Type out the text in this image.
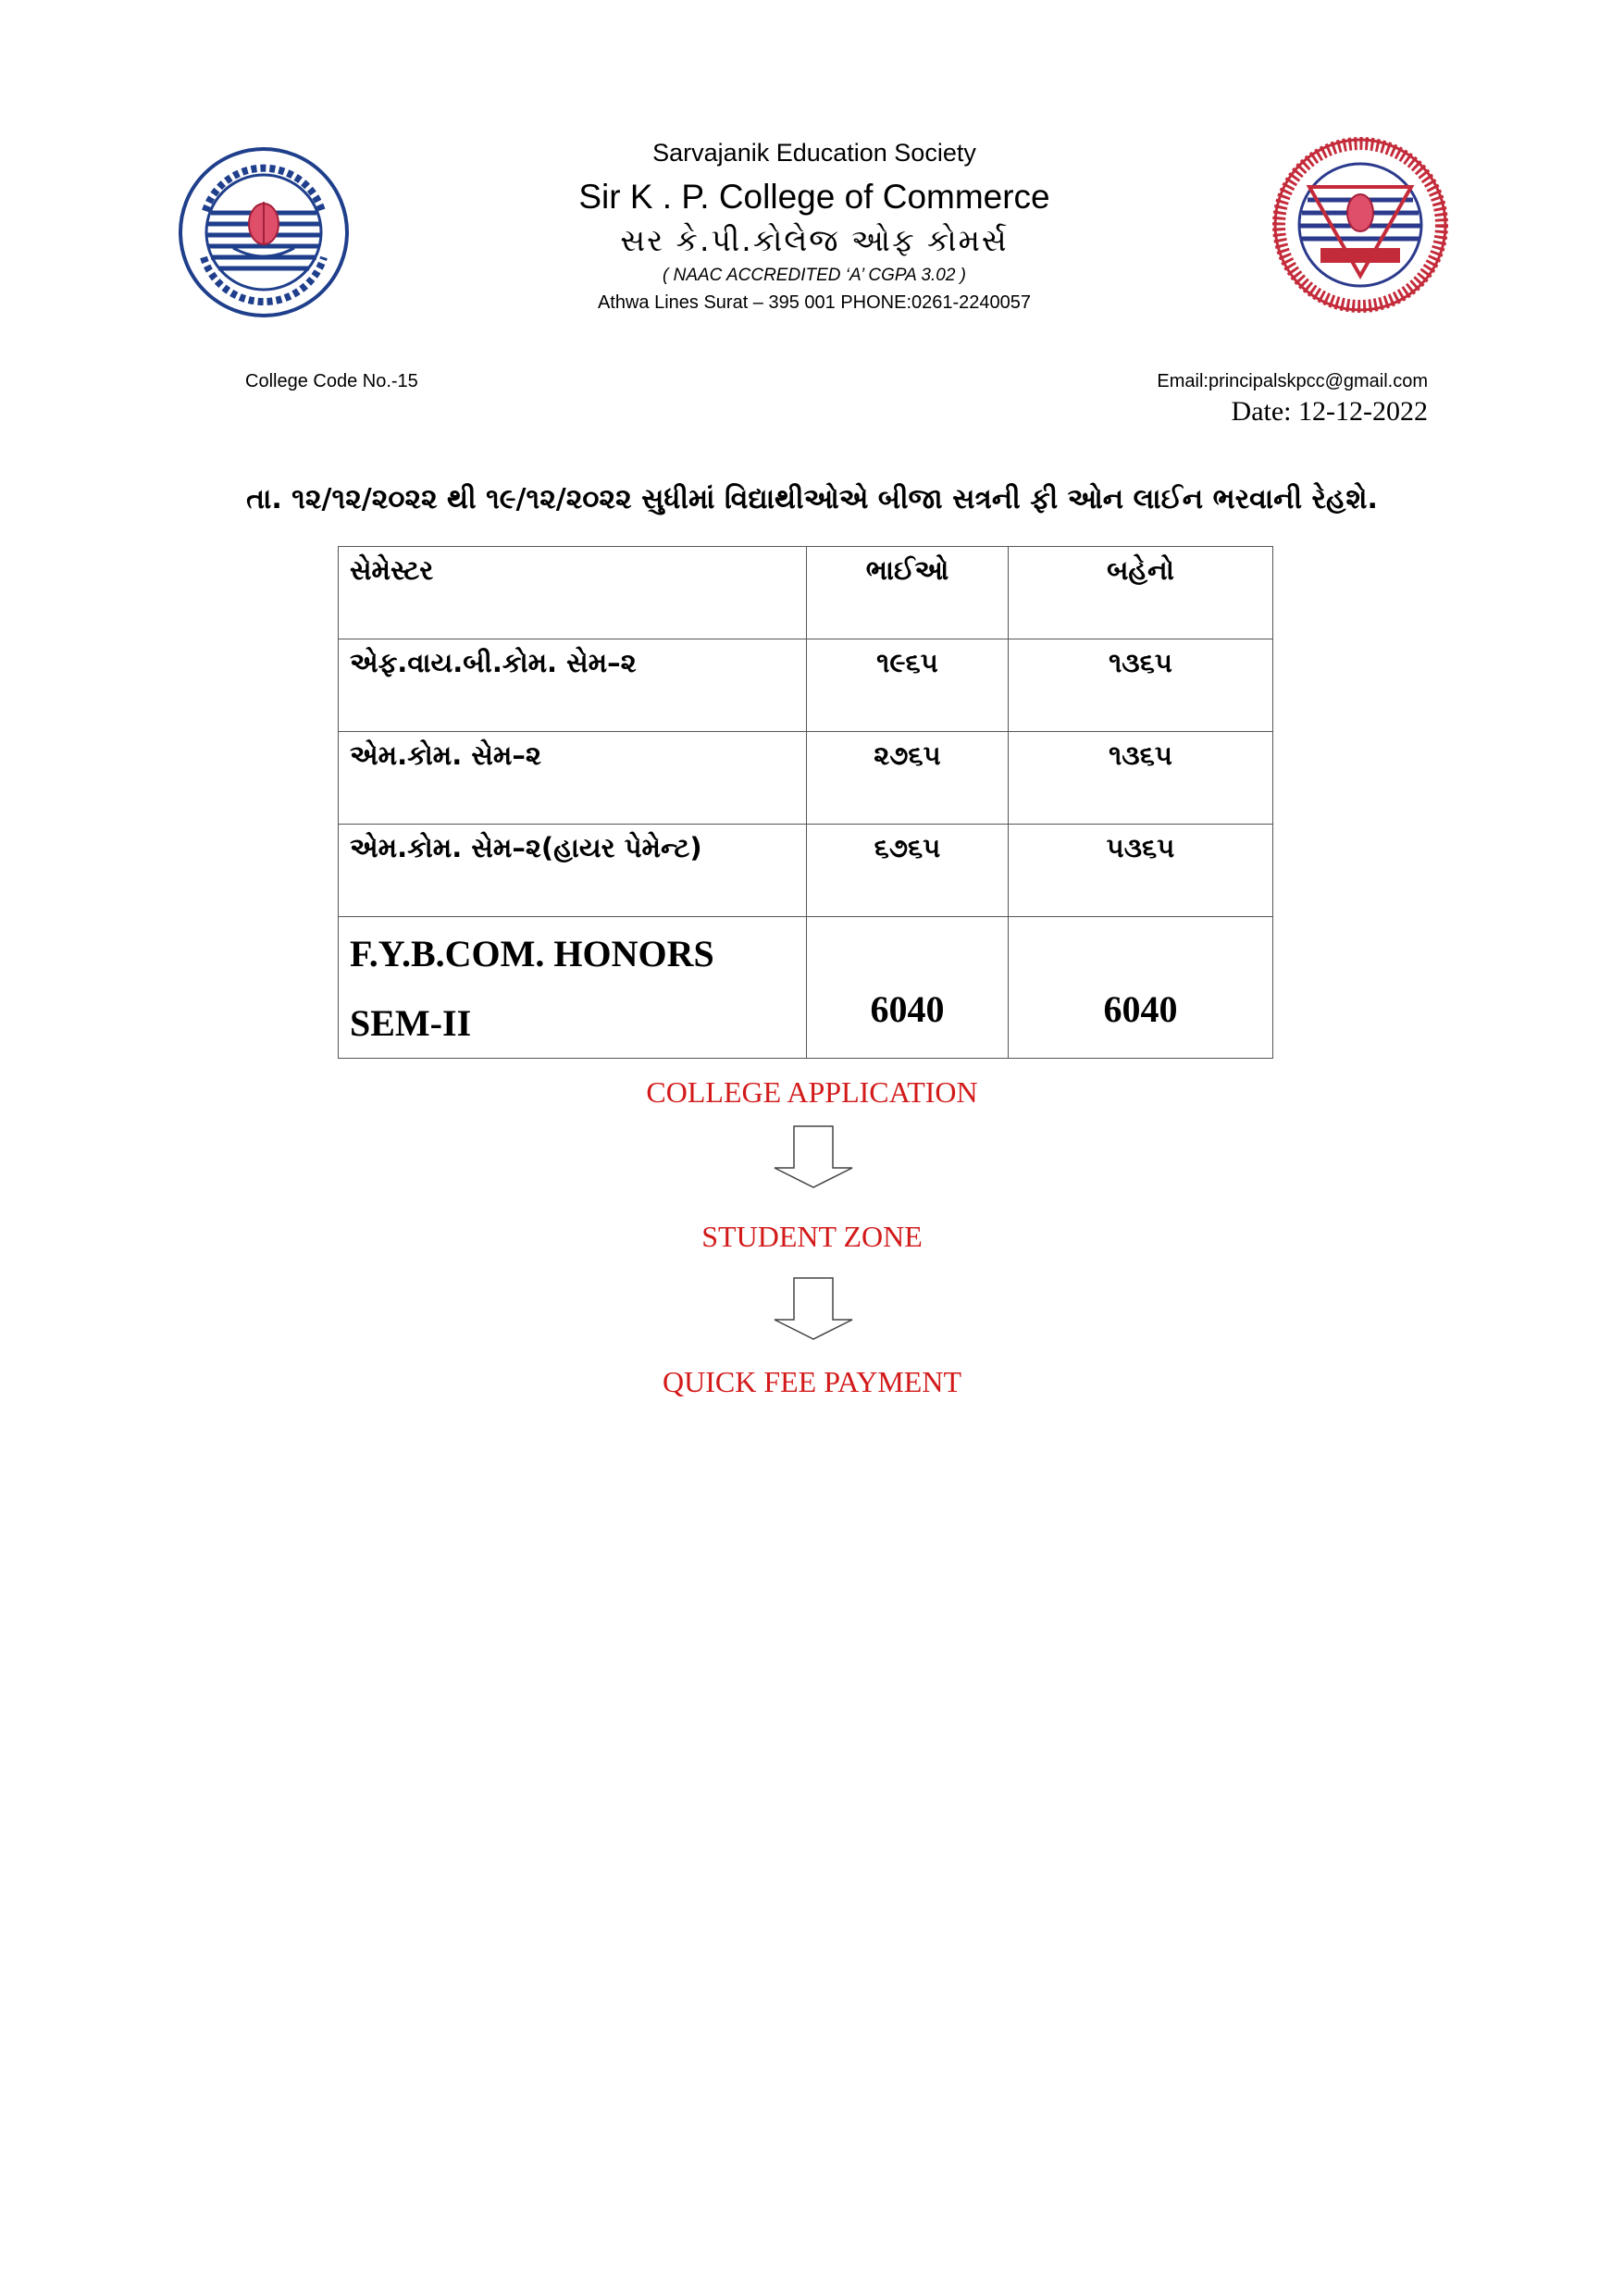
Sarvajanik Education Society
Sir K . P. College of Commerce
સર કે.પી.કોલેજ ઓફ કોમર્સ
( NAAC ACCREDITED ‘A’ CGPA 3.02 )
Athwa Lines Surat – 395 001 PHONE:0261-2240057
College Code No.-15	Email:principalskpcc@gmail.com
Date: 12-12-2022
તા. ૧૨/૧૨/૨૦૨૨ થી ૧૯/૧૨/૨૦૨૨ સુધીમાં વિદ્યાથીઓએ બીજા સત્રની ફી ઓન લાઈન ભરવાની રેહશે.
સેમેસ્ટર	ભાઈઓ	બહેનો

એફ.વાય.બી.કોમ. સેમ–૨	૧૯૬૫	૧૩૬૫

એમ.કોમ. સેમ–૨	૨૭૬૫	૧૩૬૫

એમ.કોમ. સેમ–૨(હાયર પેમેન્ટ)	૬૭૬૫	૫૩૬૫

F.Y.B.COM. HONORS
SEM-II	6040	6040
COLLEGE APPLICATION
STUDENT ZONE
QUICK FEE PAYMENT
